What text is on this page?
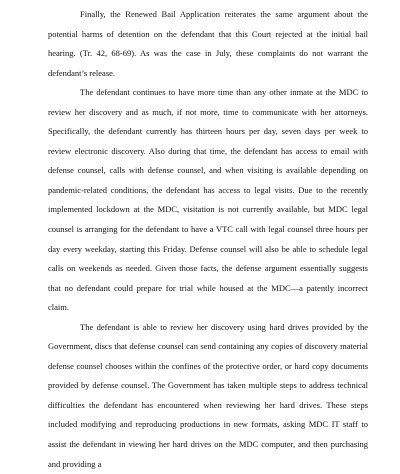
Finally, the Renewed Bail Application reiterates the same argument about the potential harms of detention on the defendant that this Court rejected at the initial bail hearing. (Tr. 42, 68-69). As was the case in July, these complaints do not warrant the defendant’s release.

The defendant continues to have more time than any other inmate at the MDC to review her discovery and as much, if not more, time to communicate with her attorneys. Specifically, the defendant currently has thirteen hours per day, seven days per week to review electronic discovery. Also during that time, the defendant has access to email with defense counsel, calls with defense counsel, and when visiting is available depending on pandemic-related conditions, the defendant has access to legal visits. Due to the recently implemented lockdown at the MDC, visitation is not currently available, but MDC legal counsel is arranging for the defendant to have a VTC call with legal counsel three hours per day every weekday, starting this Friday. Defense counsel will also be able to schedule legal calls on weekends as needed. Given those facts, the defense argument essentially suggests that no defendant could prepare for trial while housed at the MDC—a patently incorrect claim.

The defendant is able to review her discovery using hard drives provided by the Government, discs that defense counsel can send containing any copies of discovery material defense counsel chooses within the confines of the protective order, or hard copy documents provided by defense counsel. The Government has taken multiple steps to address technical difficulties the defendant has encountered when reviewing her hard drives. These steps included modifying and reproducing productions in new formats, asking MDC IT staff to assist the defendant in viewing her hard drives on the MDC computer, and then purchasing and providing a
